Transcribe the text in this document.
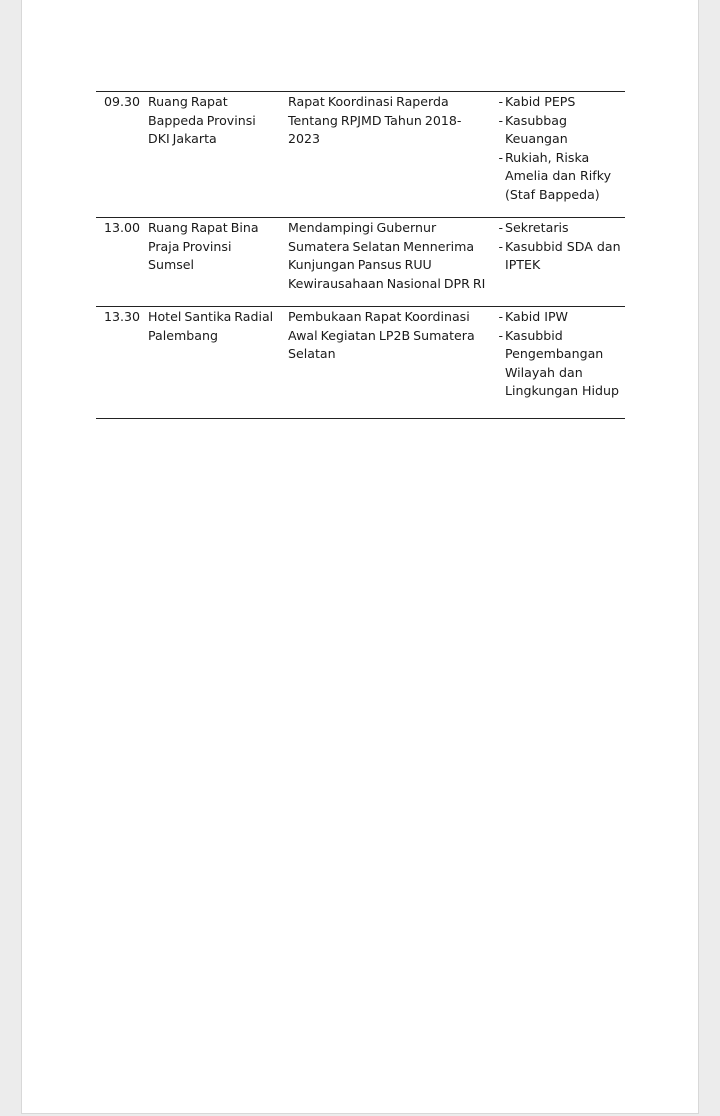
09.30 Ruang Rapat Bappeda Provinsi DKI Jakarta
Rapat Koordinasi Raperda Tentang RPJMD Tahun 2018-2023
- Kabid PEPS
- Kasubbag Keuangan
- Rukiah, Riska Amelia dan Rifky (Staf Bappeda)
13.00 Ruang Rapat Bina Praja Provinsi Sumsel
Mendampingi Gubernur Sumatera Selatan Mennerima Kunjungan Pansus RUU Kewirausahaan Nasional DPR RI
- Sekretaris
- Kasubbid SDA dan IPTEK
13.30 Hotel Santika Radial Palembang
Pembukaan Rapat Koordinasi Awal Kegiatan LP2B Sumatera Selatan
- Kabid IPW
- Kasubbid Pengembangan Wilayah dan Lingkungan Hidup
